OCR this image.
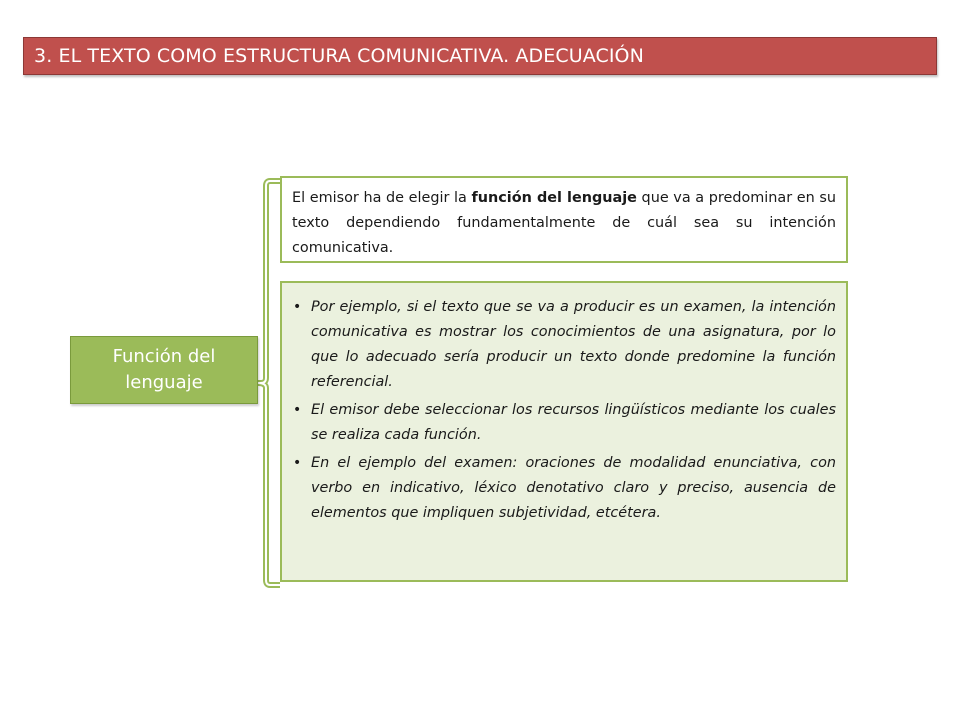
3. EL TEXTO COMO ESTRUCTURA COMUNICATIVA. ADECUACIÓN
Función del
lenguaje
El emisor ha de elegir la función del lenguaje que va a predominar en su texto dependiendo fundamentalmente de cuál sea su intención comunicativa.
• Por ejemplo, si el texto que se va a producir es un examen, la intención comunicativa es mostrar los conocimientos de una asignatura, por lo que lo adecuado sería producir un texto donde predomine la función referencial.
• El emisor debe seleccionar los recursos lingüísticos mediante los cuales se realiza cada función.
• En el ejemplo del examen: oraciones de modalidad enunciativa, con verbo en indicativo, léxico denotativo claro y preciso, ausencia de elementos que impliquen subjetividad, etcétera.
